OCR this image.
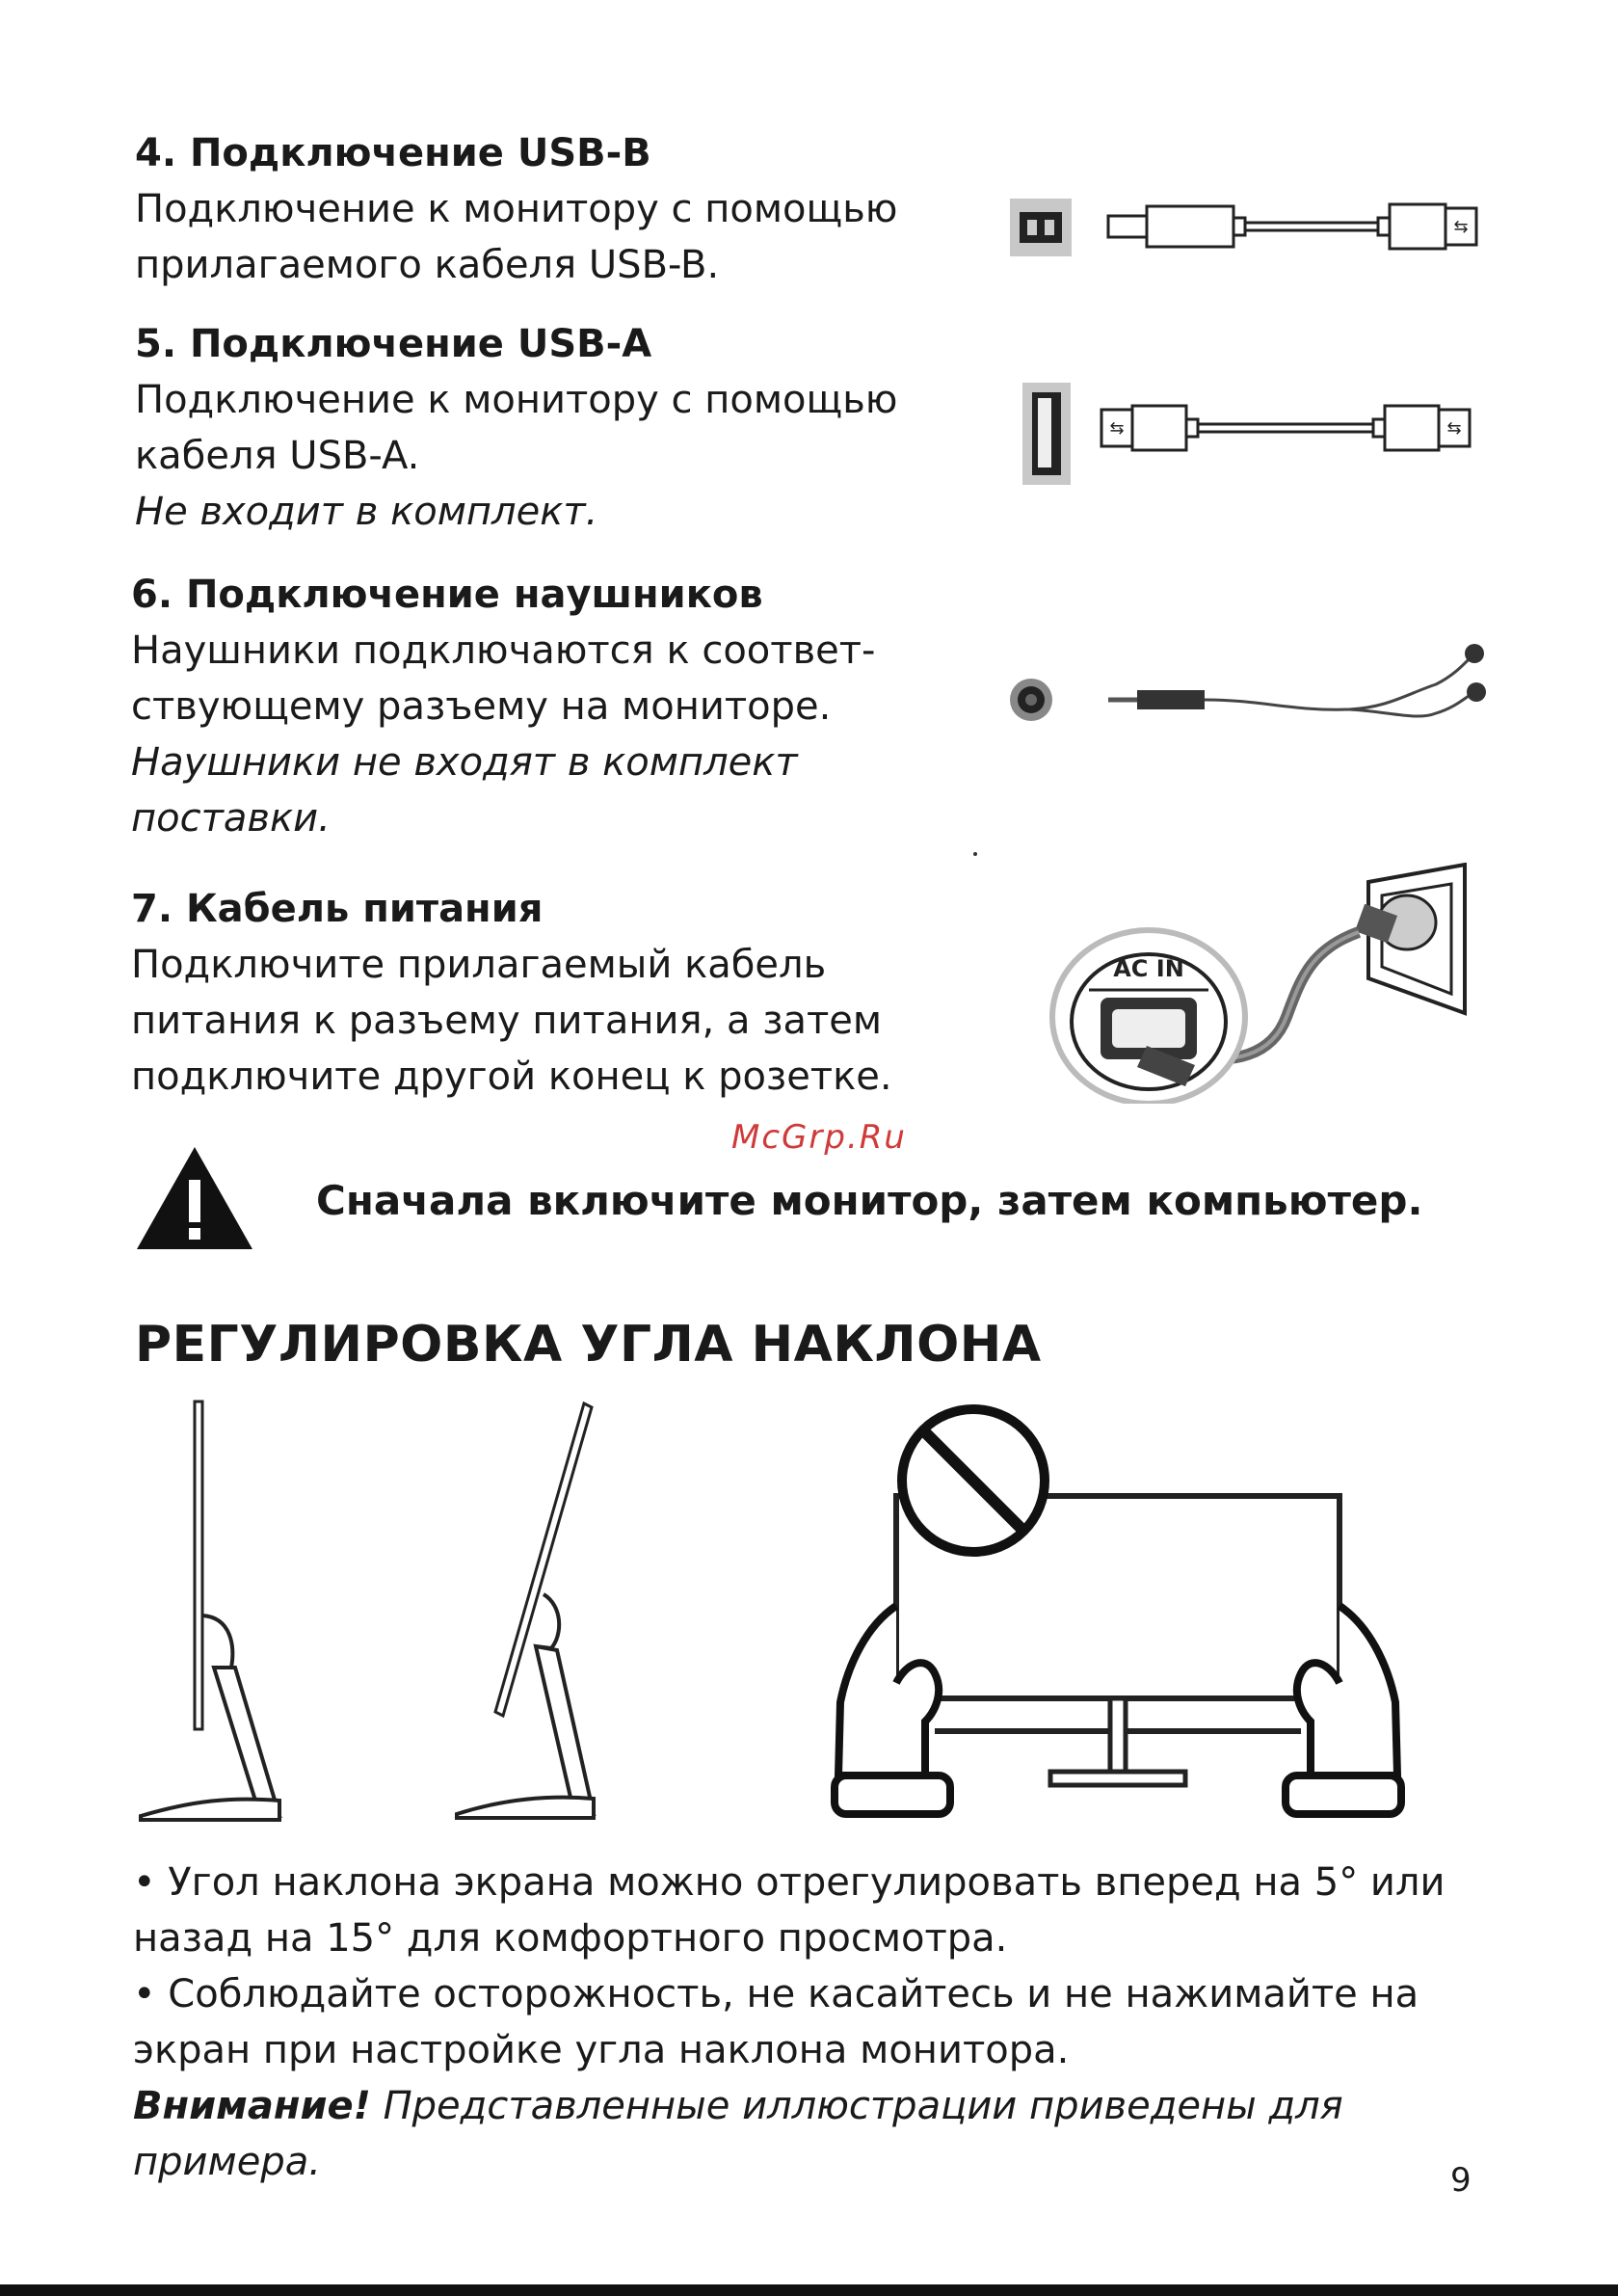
4. Подключение USB-B

Подключение к монитору с помощью

прилагаемого кабеля USB-B.

5. Подключение USB-A

Подключение к монитору с помощью

кабеля USB-A.

Не входит в комплект.

6. Подключение наушников

Наушники подключаются к соответ-

ствующему разъему на мониторе.

Наушники не входят в комплект

поставки.

7. Кабель питания

Подключите прилагаемый кабель

питания к разъему питания, а затем

подключите другой конец к розетке.

⇆
⇆	⇆
AC IN
McGrp.Ru
Сначала включите монитор, затем компьютер.
РЕГУЛИРОВКА УГЛА НАКЛОНА

• Угол наклона экрана можно отрегулировать вперед на 5° или назад на 15° для комфортного просмотра.

• Соблюдайте осторожность, не касайтесь и не нажимайте на экран при настройке угла наклона монитора.

Внимание! Представленные иллюстрации приведены для примера.	9
